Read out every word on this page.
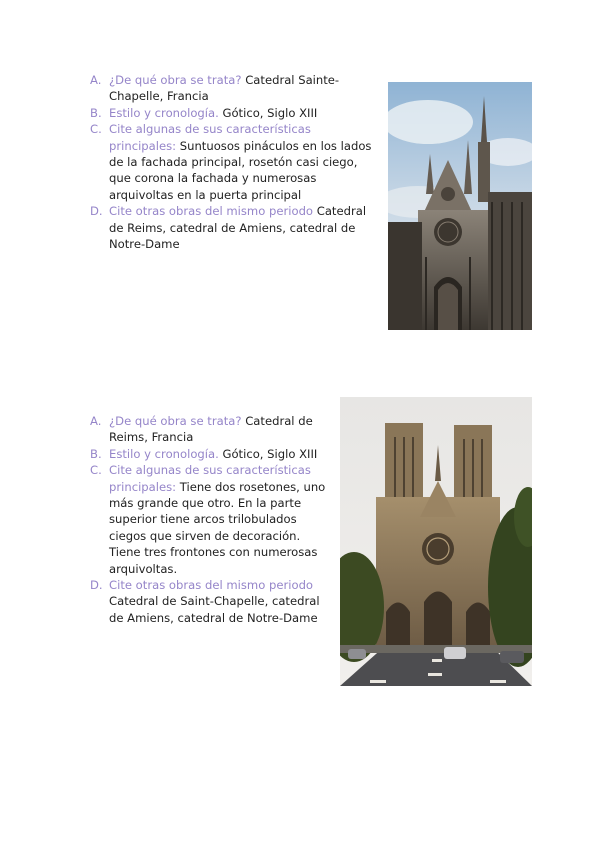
A. ¿De qué obra se trata? Catedral Sainte-Chapelle, Francia
B. Estilo y cronología. Gótico, Siglo XIII
C. Cite algunas de sus características principales: Suntuosos pináculos en los lados de la fachada principal, rosetón casi ciego, que corona la fachada y numerosas arquivoltas en la puerta principal
D. Cite otras obras del mismo periodo Catedral de Reims, catedral de Amiens, catedral de Notre-Dame
A. ¿De qué obra se trata? Catedral de Reims, Francia
B. Estilo y cronología. Gótico, Siglo XIII
C. Cite algunas de sus características principales: Tiene dos rosetones, uno más grande que otro. En la parte superior tiene arcos trilobulados ciegos que sirven de decoración. Tiene tres frontones con numerosas arquivoltas.
D. Cite otras obras del mismo periodo Catedral de Saint-Chapelle, catedral de Amiens, catedral de Notre-Dame
